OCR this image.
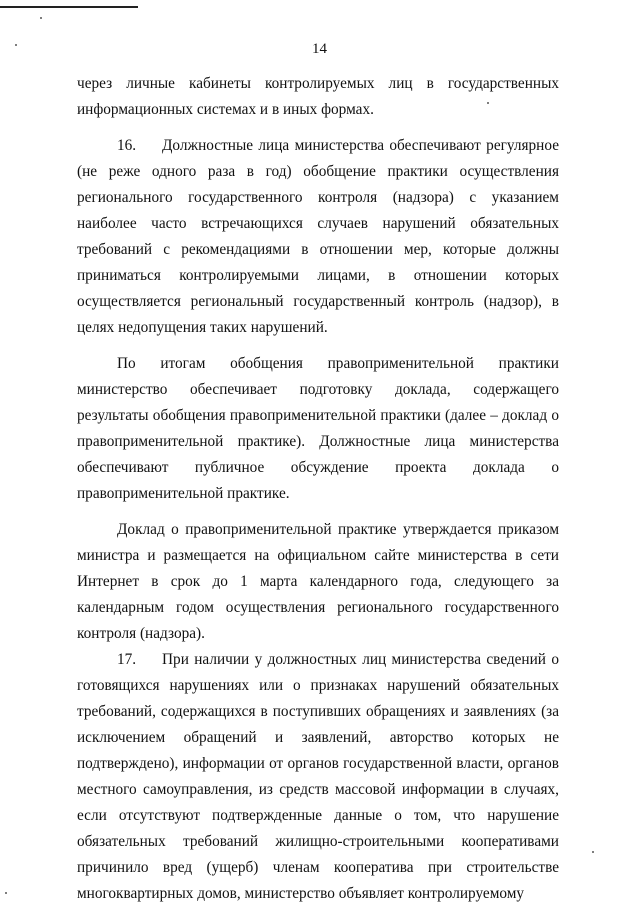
14

через личные кабинеты контролируемых лиц в государственных информационных системах и в иных формах.

16. Должностные лица министерства обеспечивают регулярное (не реже одного раза в год) обобщение практики осуществления регионального государственного контроля (надзора) с указанием наиболее часто встречающихся случаев нарушений обязательных требований с рекомендациями в отношении мер, которые должны приниматься контролируемыми лицами, в отношении которых осуществляется региональный государственный контроль (надзор), в целях недопущения таких нарушений.

По итогам обобщения правоприменительной практики министерство обеспечивает подготовку доклада, содержащего результаты обобщения правоприменительной практики (далее – доклад о правоприменительной практике). Должностные лица министерства обеспечивают публичное обсуждение проекта доклада о правоприменительной практике.

Доклад о правоприменительной практике утверждается приказом министра и размещается на официальном сайте министерства в сети Интернет в срок до 1 марта календарного года, следующего за календарным годом осуществления регионального государственного контроля (надзора).

17. При наличии у должностных лиц министерства сведений о готовящихся нарушениях или о признаках нарушений обязательных требований, содержащихся в поступивших обращениях и заявлениях (за исключением обращений и заявлений, авторство которых не подтверждено), информации от органов государственной власти, органов местного самоуправления, из средств массовой информации в случаях, если отсутствуют подтвержденные данные о том, что нарушение обязательных требований жилищно-строительными кооперативами причинило вред (ущерб) членам кооператива при строительстве многоквартирных домов, министерство объявляет контролируемому
